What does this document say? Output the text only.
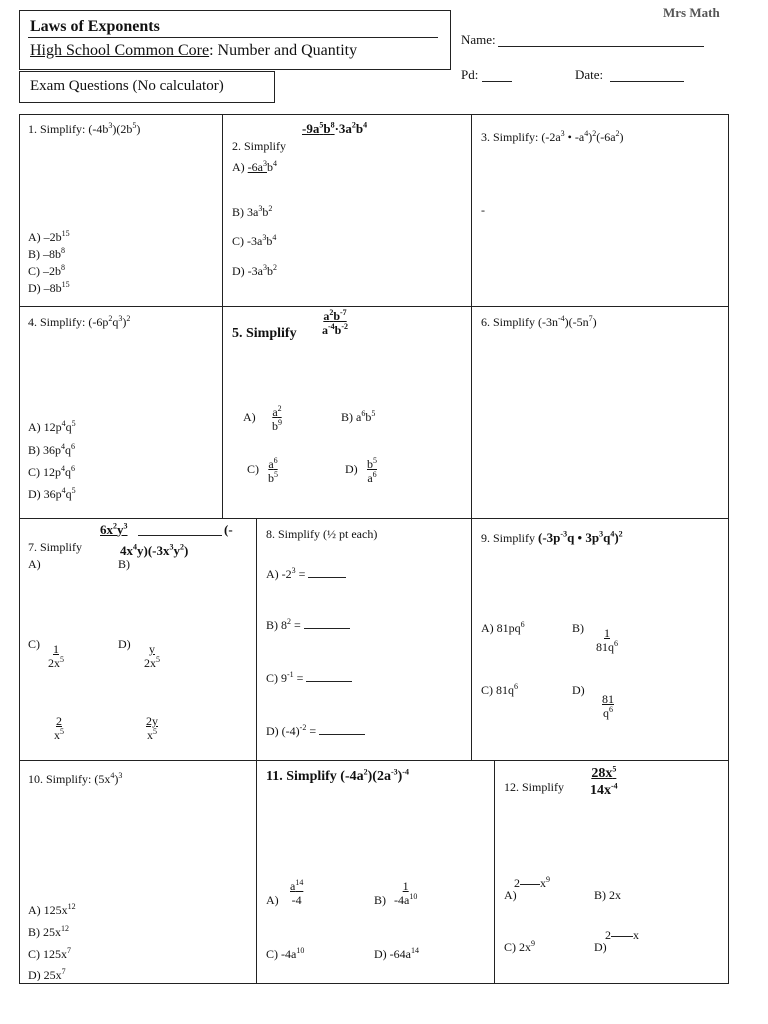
Laws of Exponents
High School Common Core: Number and Quantity
Exam Questions (No calculator)
Mrs Math
Name:
Pd:	Date:
1. Simplify: $(-4b^3)(2b^5)$
A) $-2b^{15}$
B) $-8b^8$
C) $-2b^8$
D) $-8b^{15}$
$-9a^5b^8\cdot 3a^2b^4$
2. Simplify
A) $-6a^3b^4$
B) $3a^3b^2$
C) $-3a^3b^4$
D) $-3a^3b^2$
3. Simplify: ($-2a^3$ • $-a^4)^2(-6a^2)$
-
4. Simplify: $(-6p^2q^3)^2$
A) $12p^4q^5$
B) $36p^4q^6$
C) $12p^4q^6$
D) $36p^4q^5$
5. Simplify $\frac{a^2b^{-7}}{a^{-4}b^{-2}}$
$A) \frac{a^2}{b^9}$	B) $a^6b^5$
$C) \frac{a^6}{b^5}$	$D) \frac{b^5}{a^6}$
6. Simplify $(-3n^{-4})(-5n^7)$
7. Simplify
$6x^2y^3$	(-
$4x^4y)(-3x^3y^2)$
A)	B)
$C) \frac{1}{2x^5}$	$D) \frac{y}{2x^5}$
$\frac{2}{x^5}$	$\frac{2y}{x^5}$
8. Simplify (½ pt each)
A) $-2^3$ =
B) $8^2$ =
C) $9^{-1}$ =
D) $(-4)^{-2}$ =
9. Simplify ($-3p^{-3}q$ • $3p^3q^4)^2$
A) $81pq^6$	$B) \frac{1}{81q^6}$
C) $81q^6$	D)
$\frac{81}{q^6}$
10. Simplify: $(5x^4)^3$
A) $125x^{12}$
B) $25x^{12}$
C) $125x^7$
D) $25x^7$
11. Simplify $(-4a^2)(2a^{-3})^{-4}$
$A) \frac{a^{14}}{-4}$	$B) \frac{1}{-4a^{10}}$
C) $-4a^{10}$	D) $-64a^{14}$
12. Simplify $\frac{28x^5}{14x^{-4}}$
A)
2 $x^9$
B) 2x
C) $2x^9$	D)
2 x
